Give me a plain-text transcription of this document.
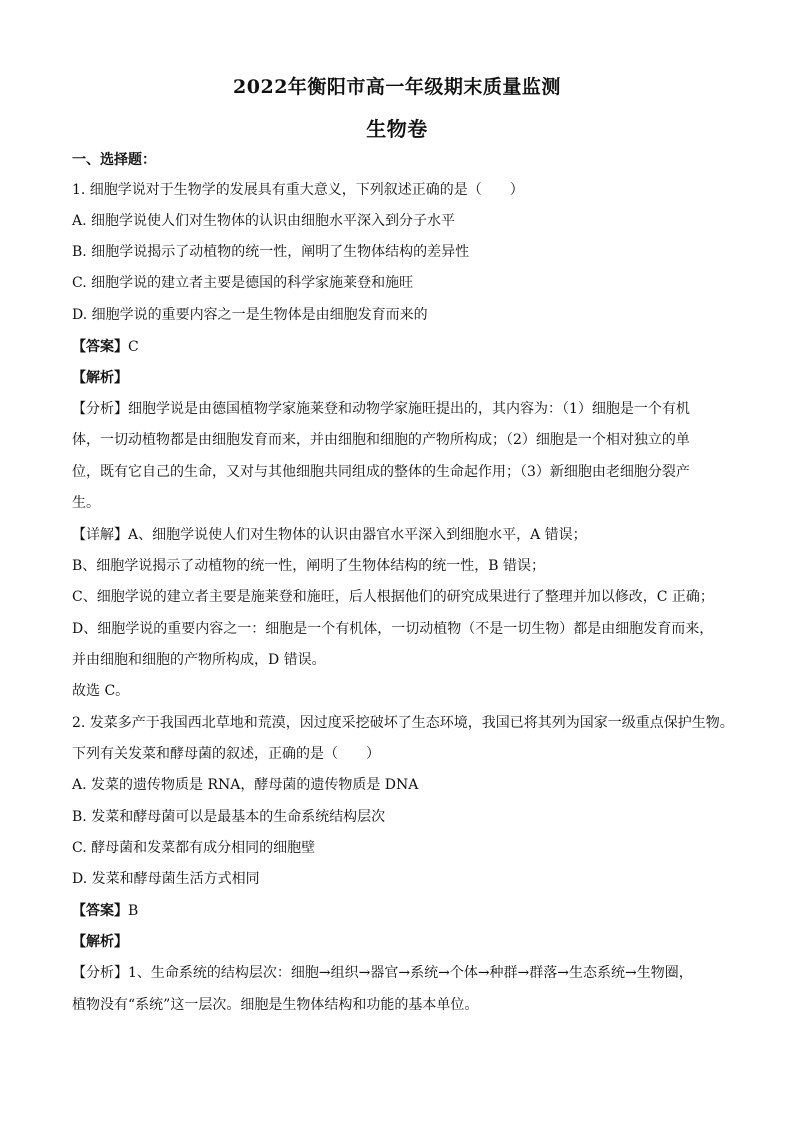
2022年衡阳市高一年级期末质量监测
生物卷
一、选择题：
1. 细胞学说对于生物学的发展具有重大意义，下列叙述正确的是（　　）
A. 细胞学说使人们对生物体的认识由细胞水平深入到分子水平
B. 细胞学说揭示了动植物的统一性，阐明了生物体结构的差异性
C. 细胞学说的建立者主要是德国的科学家施莱登和施旺
D. 细胞学说的重要内容之一是生物体是由细胞发育而来的
【答案】C
【解析】
【分析】细胞学说是由德国植物学家施莱登和动物学家施旺提出的，其内容为：（1）细胞是一个有机
体，一切动植物都是由细胞发育而来，并由细胞和细胞的产物所构成；（2）细胞是一个相对独立的单
位，既有它自己的生命，又对与其他细胞共同组成的整体的生命起作用；（3）新细胞由老细胞分裂产
生。
【详解】A、细胞学说使人们对生物体的认识由器官水平深入到细胞水平，A 错误；
B、细胞学说揭示了动植物的统一性，阐明了生物体结构的统一性，B 错误；
C、细胞学说的建立者主要是施莱登和施旺，后人根据他们的研究成果进行了整理并加以修改，C 正确；
D、细胞学说的重要内容之一：细胞是一个有机体，一切动植物（不是一切生物）都是由细胞发育而来，
并由细胞和细胞的产物所构成，D 错误。
故选 C。
2. 发菜多产于我国西北草地和荒漠，因过度采挖破坏了生态环境，我国已将其列为国家一级重点保护生物。
下列有关发菜和酵母菌的叙述，正确的是（　　）
A. 发菜的遗传物质是 RNA，酵母菌的遗传物质是 DNA
B. 发菜和酵母菌可以是最基本的生命系统结构层次
C. 酵母菌和发菜都有成分相同的细胞壁
D. 发菜和酵母菌生活方式相同
【答案】B
【解析】
【分析】1、生命系统的结构层次：细胞→组织→器官→系统→个体→种群→群落→生态系统→生物圈，
植物没有“系统”这一层次。细胞是生物体结构和功能的基本单位。
